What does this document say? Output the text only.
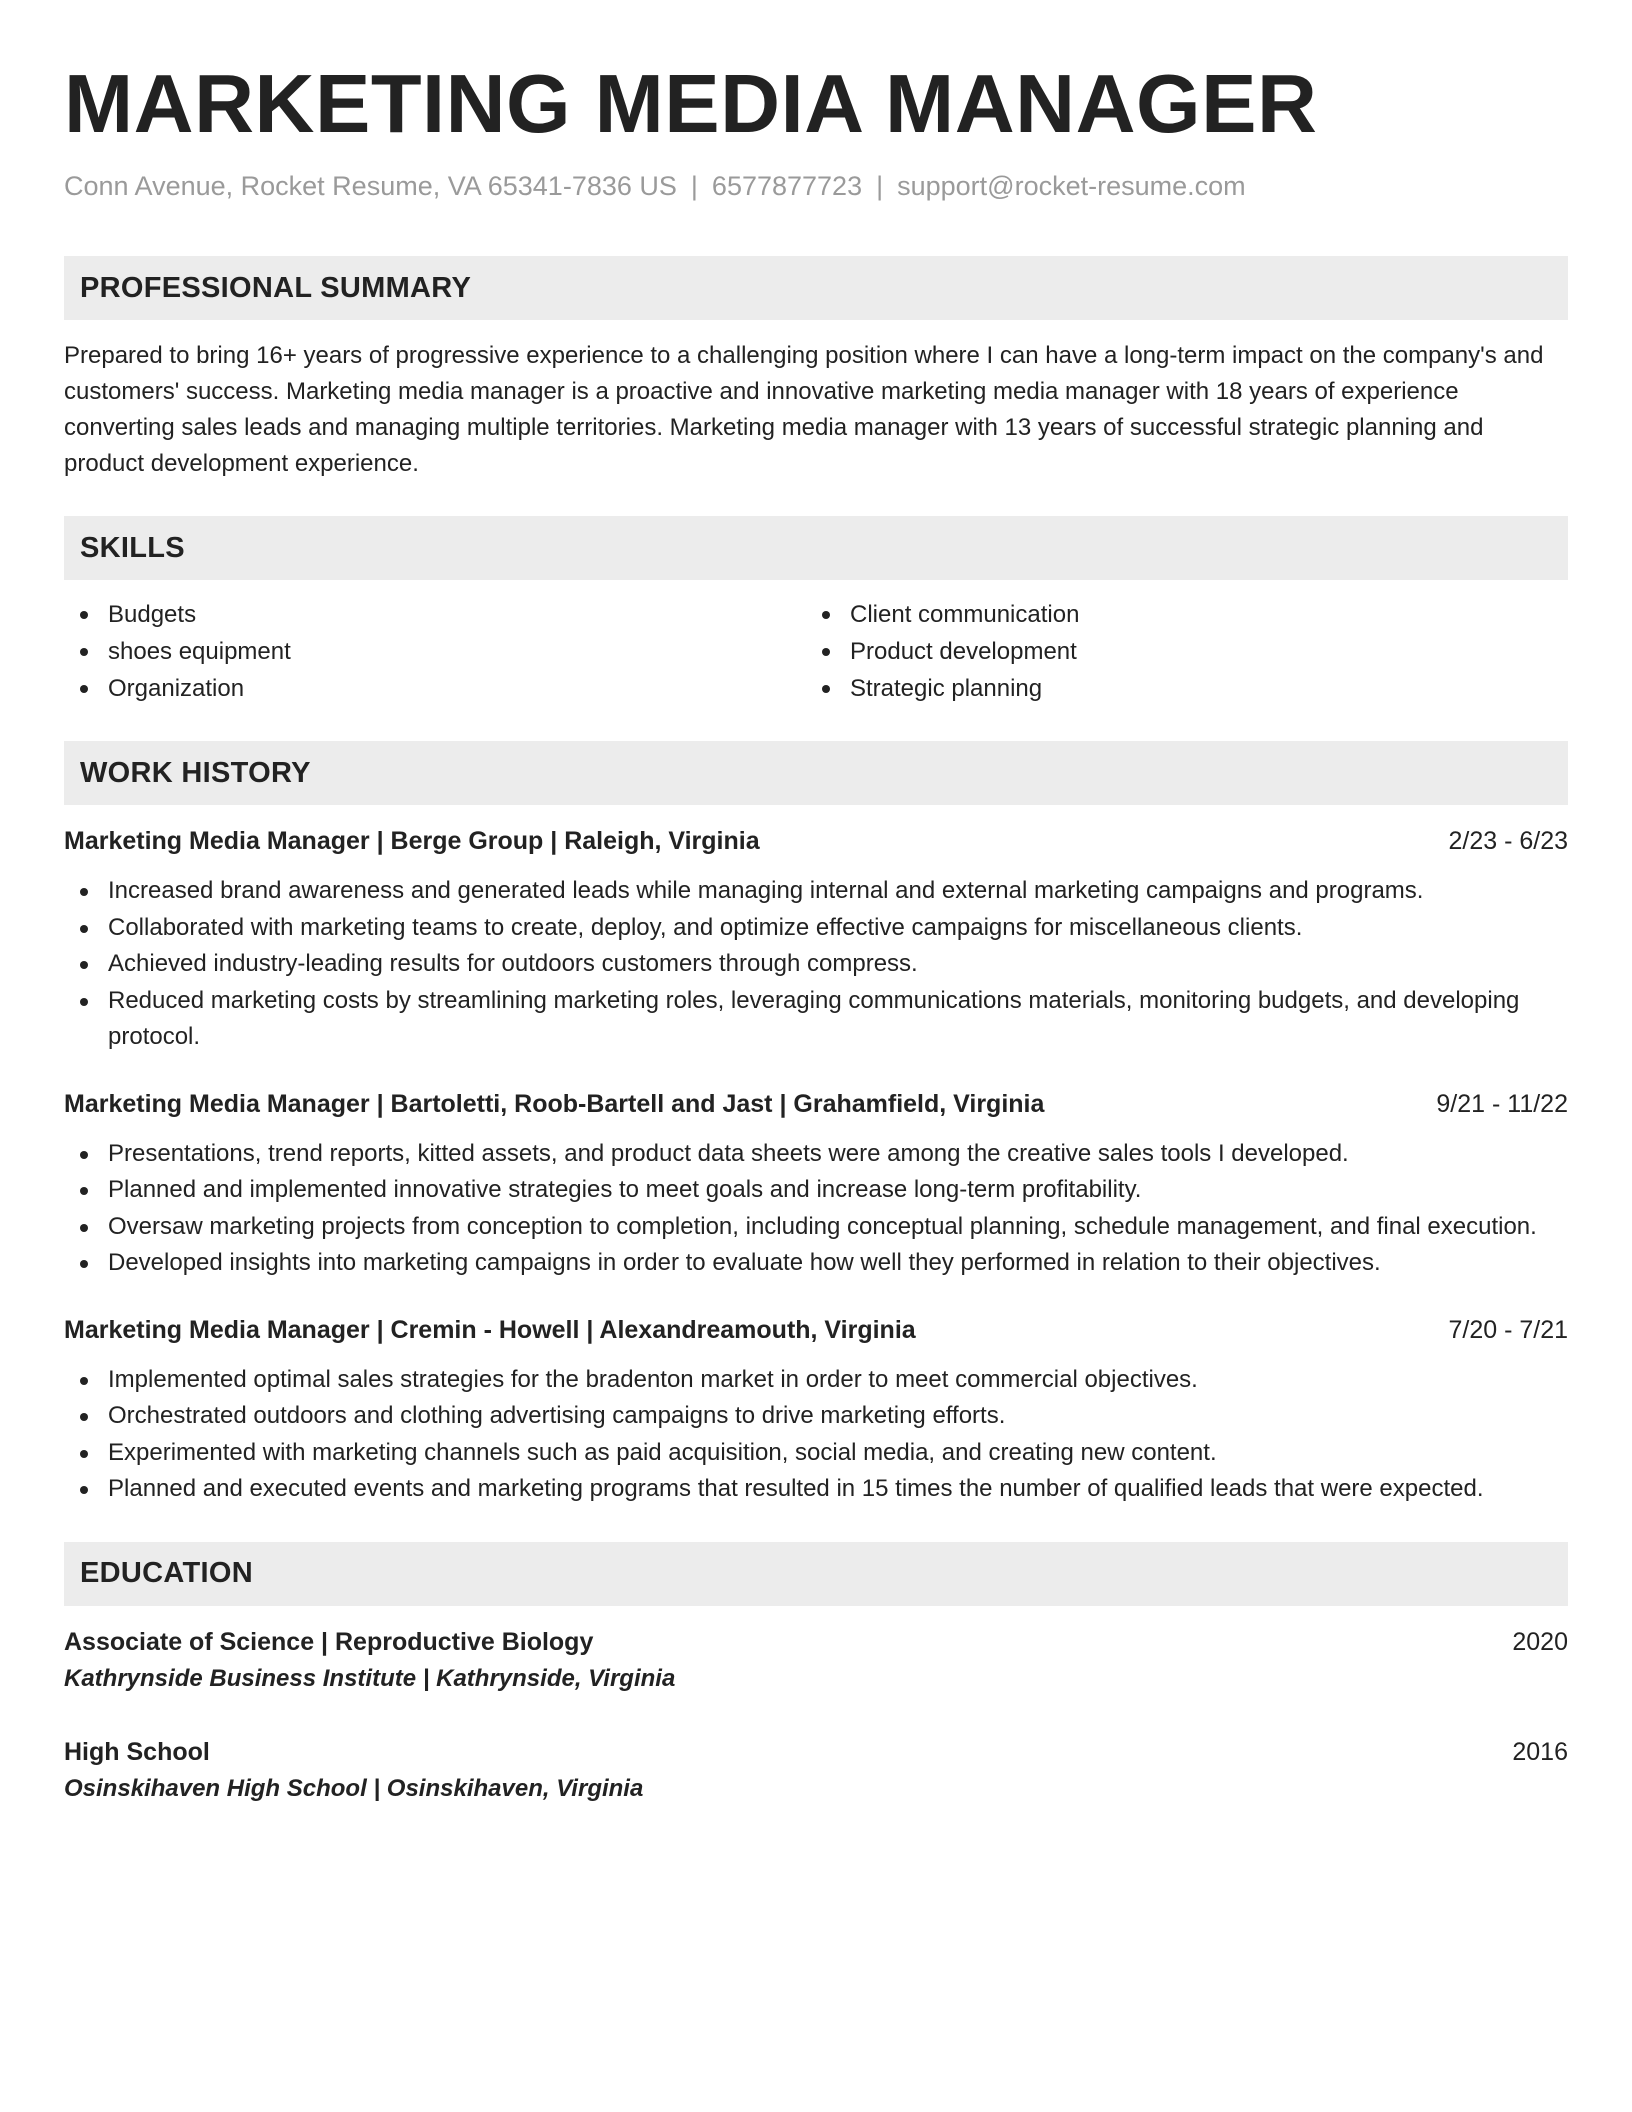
MARKETING MEDIA MANAGER
Conn Avenue, Rocket Resume, VA 65341-7836 US | 6577877723 | support@rocket-resume.com
PROFESSIONAL SUMMARY

Prepared to bring 16+ years of progressive experience to a challenging position where I can have a long-term impact on the company's and customers' success. Marketing media manager is a proactive and innovative marketing media manager with 18 years of experience converting sales leads and managing multiple territories. Marketing media manager with 13 years of successful strategic planning and product development experience.

SKILLS
Budgets
shoes equipment
Organization
Client communication
Product development
Strategic planning
WORK HISTORY
Marketing Media Manager | Berge Group | Raleigh, Virginia	2/23 - 6/23
Increased brand awareness and generated leads while managing internal and external marketing campaigns and programs.
Collaborated with marketing teams to create, deploy, and optimize effective campaigns for miscellaneous clients.
Achieved industry-leading results for outdoors customers through compress.
Reduced marketing costs by streamlining marketing roles, leveraging communications materials, monitoring budgets, and developing protocol.
Marketing Media Manager | Bartoletti, Roob-Bartell and Jast | Grahamfield, Virginia	9/21 - 11/22
Presentations, trend reports, kitted assets, and product data sheets were among the creative sales tools I developed.
Planned and implemented innovative strategies to meet goals and increase long-term profitability.
Oversaw marketing projects from conception to completion, including conceptual planning, schedule management, and final execution.
Developed insights into marketing campaigns in order to evaluate how well they performed in relation to their objectives.
Marketing Media Manager | Cremin - Howell | Alexandreamouth, Virginia	7/20 - 7/21
Implemented optimal sales strategies for the bradenton market in order to meet commercial objectives.
Orchestrated outdoors and clothing advertising campaigns to drive marketing efforts.
Experimented with marketing channels such as paid acquisition, social media, and creating new content.
Planned and executed events and marketing programs that resulted in 15 times the number of qualified leads that were expected.
EDUCATION
Associate of Science | Reproductive Biology	2020
Kathrynside Business Institute | Kathrynside, Virginia
High School	2016
Osinskihaven High School | Osinskihaven, Virginia
